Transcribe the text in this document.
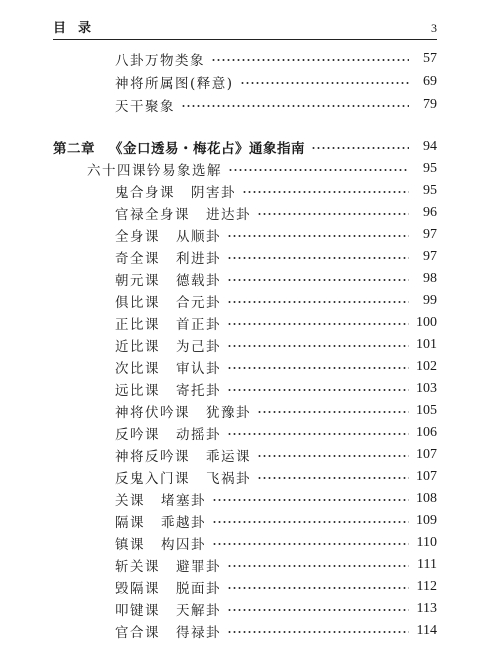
目录	3
八卦万物类象	57
神将所属图(释意)	69
天干聚象	79
第二章 《金口透易・梅花占》通象指南	94
六十四课钤易象选解	95
鬼合身课 阴害卦	95
官禄全身课 进达卦	96
全身课 从顺卦	97
奇全课 利进卦	97
朝元课 德载卦	98
俱比课 合元卦	99
正比课 首正卦	100
近比课 为己卦	101
次比课 审认卦	102
远比课 寄托卦	103
神将伏吟课 犹豫卦	105
反吟课 动摇卦	106
神将反吟课 乖运课	107
反鬼入门课 飞祸卦	107
关课 堵塞卦	108
隔课 乖越卦	109
镇课 构囚卦	110
斩关课 避罪卦	111
毁隔课 脱面卦	112
叩键课 天解卦	113
官合课 得禄卦	114
